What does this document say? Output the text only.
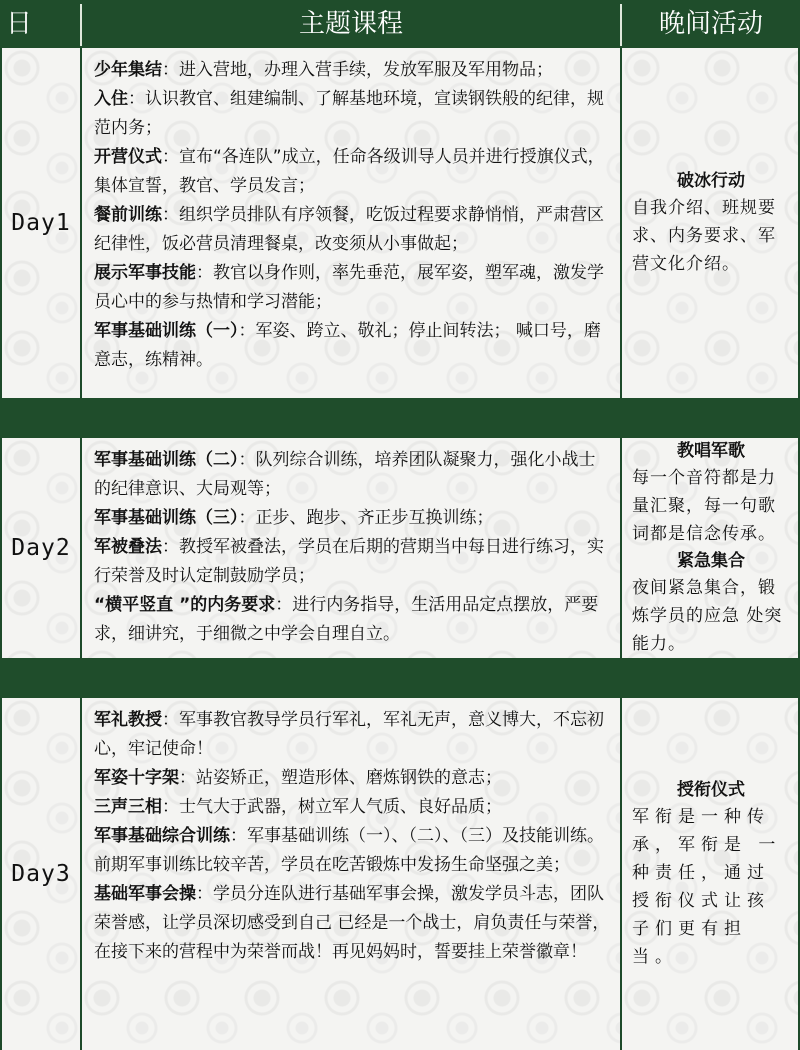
日	主题课程	晚间活动
Day1
少年集结：进入营地，办理入营手续，发放军服及军用物品；
入住：认识教官、组建编制、了解基地环境，宣读钢铁般的纪律，规范内务；
开营仪式：宣布“各连队”成立，任命各级训导人员并进行授旗仪式，集体宣誓，教官、学员发言；
餐前训练：组织学员排队有序领餐，吃饭过程要求静悄悄，严肃营区纪律性，饭必营员清理餐桌，改变须从小事做起；
展示军事技能：教官以身作则，率先垂范，展军姿，塑军魂，激发学员心中的参与热情和学习潜能；
军事基础训练（一）：军姿、跨立、敬礼；停止间转法； 喊口号，磨意志，练精神。
破冰行动
自我介绍、班规要求、内务要求、军营文化介绍。
Day2
军事基础训练（二）：队列综合训练，培养团队凝聚力，强化小战士的纪律意识、大局观等；
军事基础训练（三）：正步、跑步、齐正步互换训练；
军被叠法：教授军被叠法，学员在后期的营期当中每日进行练习，实行荣誉及时认定制鼓励学员；
“横平竖直 ”的内务要求：进行内务指导，生活用品定点摆放，严要求，细讲究，于细微之中学会自理自立。
教唱军歌
每一个音符都是力量汇聚，每一句歌词都是信念传承。
紧急集合
夜间紧急集合，锻炼学员的应急 处突能力。
Day3
军礼教授：军事教官教导学员行军礼，军礼无声，意义博大，不忘初心，牢记使命！
军姿十字架：站姿矫正，塑造形体、磨炼钢铁的意志；
三声三相：士气大于武器，树立军人气质、良好品质；
军事基础综合训练：军事基础训练（一）、（二）、（三）及技能训练。前期军事训练比较辛苦，学员在吃苦锻炼中发扬生命坚强之美；
基础军事会操：学员分连队进行基础军事会操，激发学员斗志，团队荣誉感，让学员深切感受到自己 已经是一个战士，肩负责任与荣誉，在接下来的营程中为荣誉而战！再见妈妈时，誓要挂上荣誉徽章！
授衔仪式
军衔是一种传承，军衔是 一种责任，通过授衔仪式让孩子们更有担当。
